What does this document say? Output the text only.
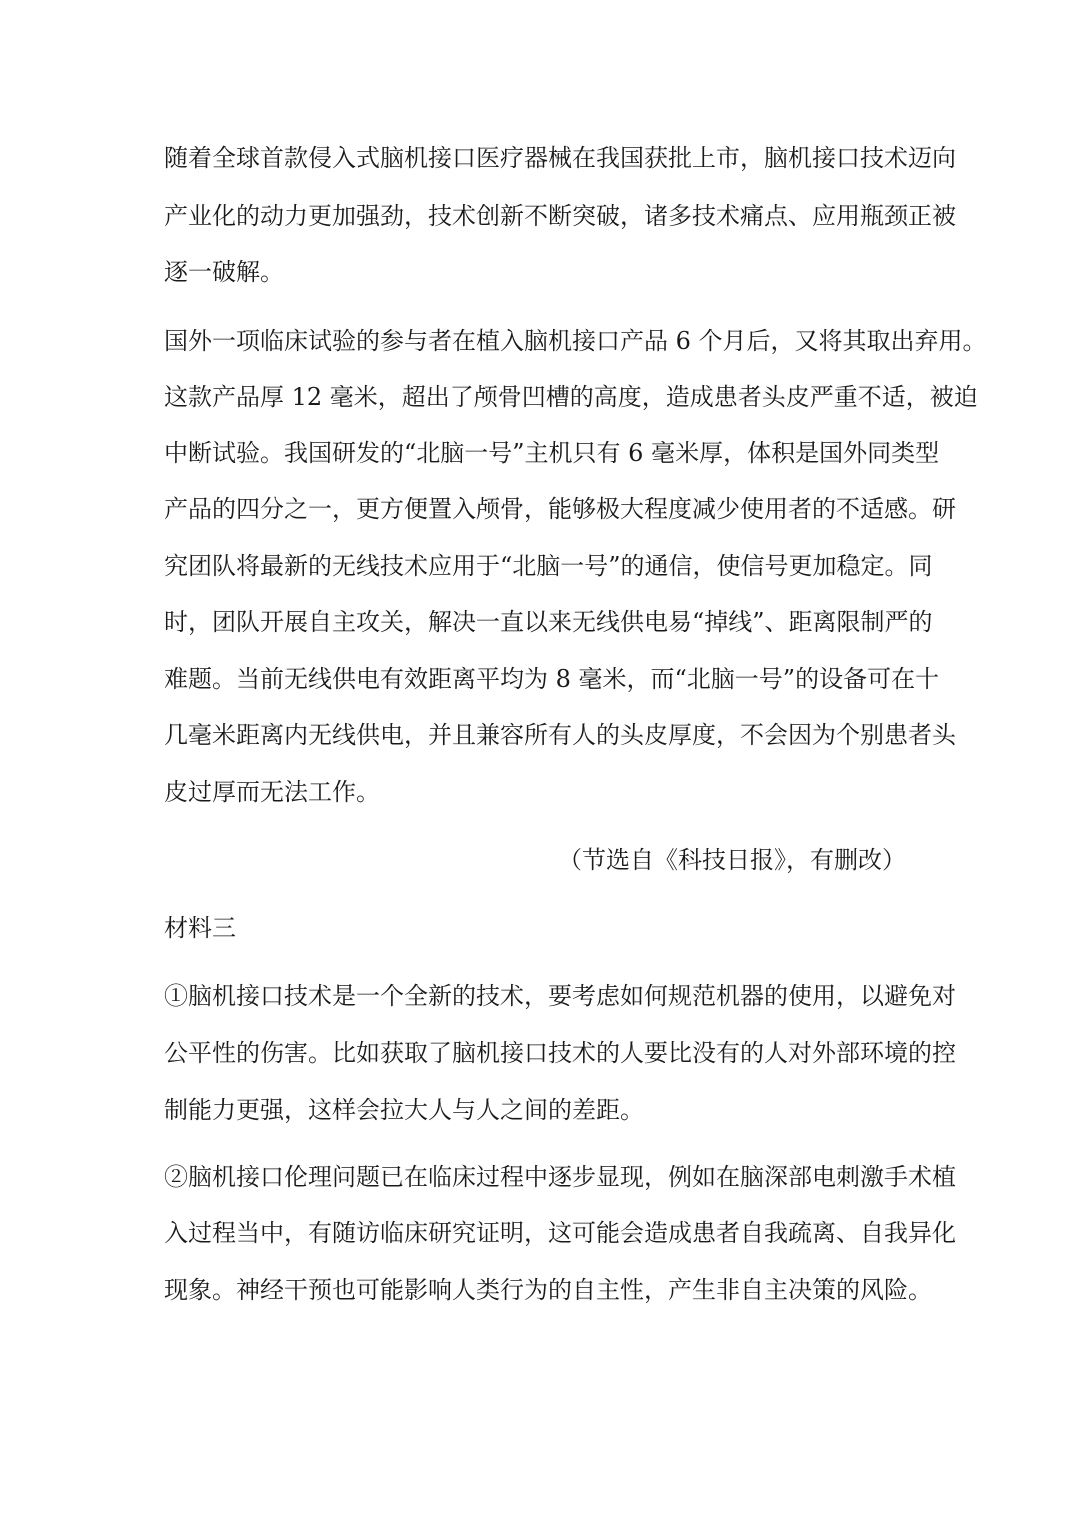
随着全球首款侵入式脑机接口医疗器械在我国获批上市，脑机接口技术迈向
产业化的动力更加强劲，技术创新不断突破，诸多技术痛点、应用瓶颈正被
逐一破解。
国外一项临床试验的参与者在植入脑机接口产品 6 个月后，又将其取出弃用。
这款产品厚 12 毫米，超出了颅骨凹槽的高度，造成患者头皮严重不适，被迫
中断试验。我国研发的“北脑一号”主机只有 6 毫米厚，体积是国外同类型
产品的四分之一，更方便置入颅骨，能够极大程度减少使用者的不适感。研
究团队将最新的无线技术应用于“北脑一号”的通信，使信号更加稳定。同
时，团队开展自主攻关，解决一直以来无线供电易“掉线”、距离限制严的
难题。当前无线供电有效距离平均为 8 毫米，而“北脑一号”的设备可在十
几毫米距离内无线供电，并且兼容所有人的头皮厚度，不会因为个别患者头
皮过厚而无法工作。
（节选自《科技日报》，有删改）
材料三
①脑机接口技术是一个全新的技术，要考虑如何规范机器的使用，以避免对
公平性的伤害。比如获取了脑机接口技术的人要比没有的人对外部环境的控
制能力更强，这样会拉大人与人之间的差距。
②脑机接口伦理问题已在临床过程中逐步显现，例如在脑深部电刺激手术植
入过程当中，有随访临床研究证明，这可能会造成患者自我疏离、自我异化
现象。神经干预也可能影响人类行为的自主性，产生非自主决策的风险。
